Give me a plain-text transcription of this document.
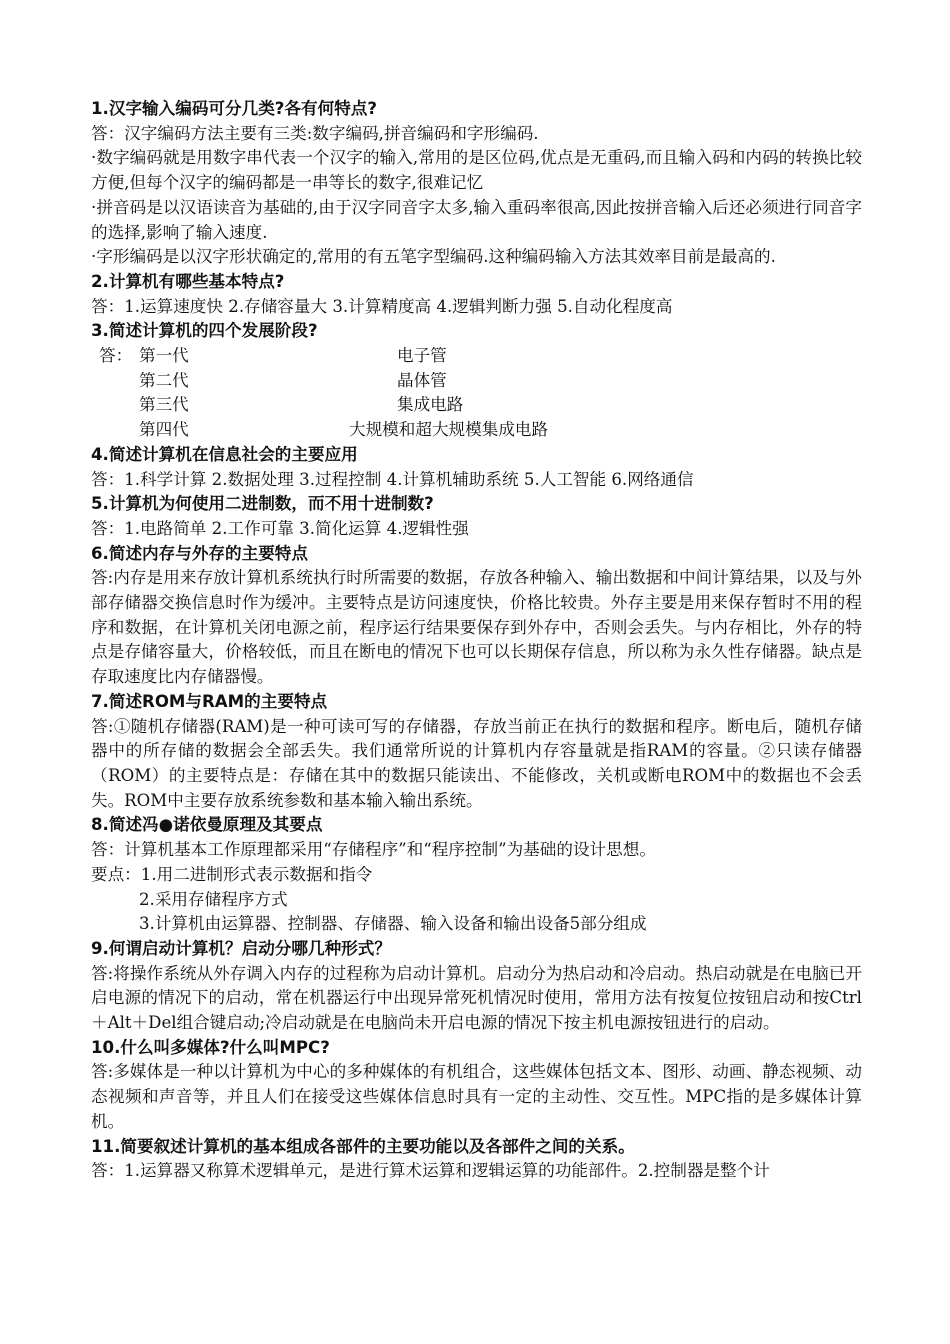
1.汉字输入编码可分几类?各有何特点?

答：汉字编码方法主要有三类:数字编码,拼音编码和字形编码.

·数字编码就是用数字串代表一个汉字的输入,常用的是区位码,优点是无重码,而且输入码和内码的转换比较方便,但每个汉字的编码都是一串等长的数字,很难记忆

·拼音码是以汉语读音为基础的,由于汉字同音字太多,输入重码率很高,因此按拼音输入后还必须进行同音字的选择,影响了输入速度.

·字形编码是以汉字形状确定的,常用的有五笔字型编码.这种编码输入方法其效率目前是最高的.

2.计算机有哪些基本特点?

答：1.运算速度快 2.存储容量大 3.计算精度高 4.逻辑判断力强 5.自动化程度高

3.简述计算机的四个发展阶段?
答： 第一代	电子管
第二代	晶体管
第三代	集成电路
第四代	大规模和超大规模集成电路
4.简述计算机在信息社会的主要应用

答：1.科学计算 2.数据处理 3.过程控制 4.计算机辅助系统 5.人工智能 6.网络通信

5.计算机为何使用二进制数，而不用十进制数?

答：1.电路简单 2.工作可靠 3.简化运算 4.逻辑性强

6.简述内存与外存的主要特点

答:内存是用来存放计算机系统执行时所需要的数据，存放各种输入、输出数据和中间计算结果，以及与外部存储器交换信息时作为缓冲。主要特点是访问速度快，价格比较贵。外存主要是用来保存暂时不用的程序和数据，在计算机关闭电源之前，程序运行结果要保存到外存中，否则会丢失。与内存相比，外存的特点是存储容量大，价格较低，而且在断电的情况下也可以长期保存信息，所以称为永久性存储器。缺点是存取速度比内存储器慢。

7.简述ROM与RAM的主要特点

答:①随机存储器(RAM)是一种可读可写的存储器，存放当前正在执行的数据和程序。断电后，随机存储器中的所存储的数据会全部丢失。我们通常所说的计算机内存容量就是指RAM的容量。②只读存储器（ROM）的主要特点是：存储在其中的数据只能读出、不能修改，关机或断电ROM中的数据也不会丢失。ROM中主要存放系统参数和基本输入输出系统。

8.简述冯●诺依曼原理及其要点

答：计算机基本工作原理都采用“存储程序”和“程序控制”为基础的设计思想。

要点：1.用二进制形式表示数据和指令

2.采用存储程序方式

3.计算机由运算器、控制器、存储器、输入设备和输出设备5部分组成

9.何谓启动计算机？启动分哪几种形式？

答:将操作系统从外存调入内存的过程称为启动计算机。启动分为热启动和冷启动。热启动就是在电脑已开启电源的情况下的启动，常在机器运行中出现异常死机情况时使用，常用方法有按复位按钮启动和按Ctrl＋Alt＋Del组合键启动;冷启动就是在电脑尚未开启电源的情况下按主机电源按钮进行的启动。

10.什么叫多媒体?什么叫MPC?

答:多媒体是一种以计算机为中心的多种媒体的有机组合，这些媒体包括文本、图形、动画、静态视频、动态视频和声音等，并且人们在接受这些媒体信息时具有一定的主动性、交互性。MPC指的是多媒体计算机。

11.简要叙述计算机的基本组成各部件的主要功能以及各部件之间的关系。

答：1.运算器又称算术逻辑单元，是进行算术运算和逻辑运算的功能部件。2.控制器是整个计
